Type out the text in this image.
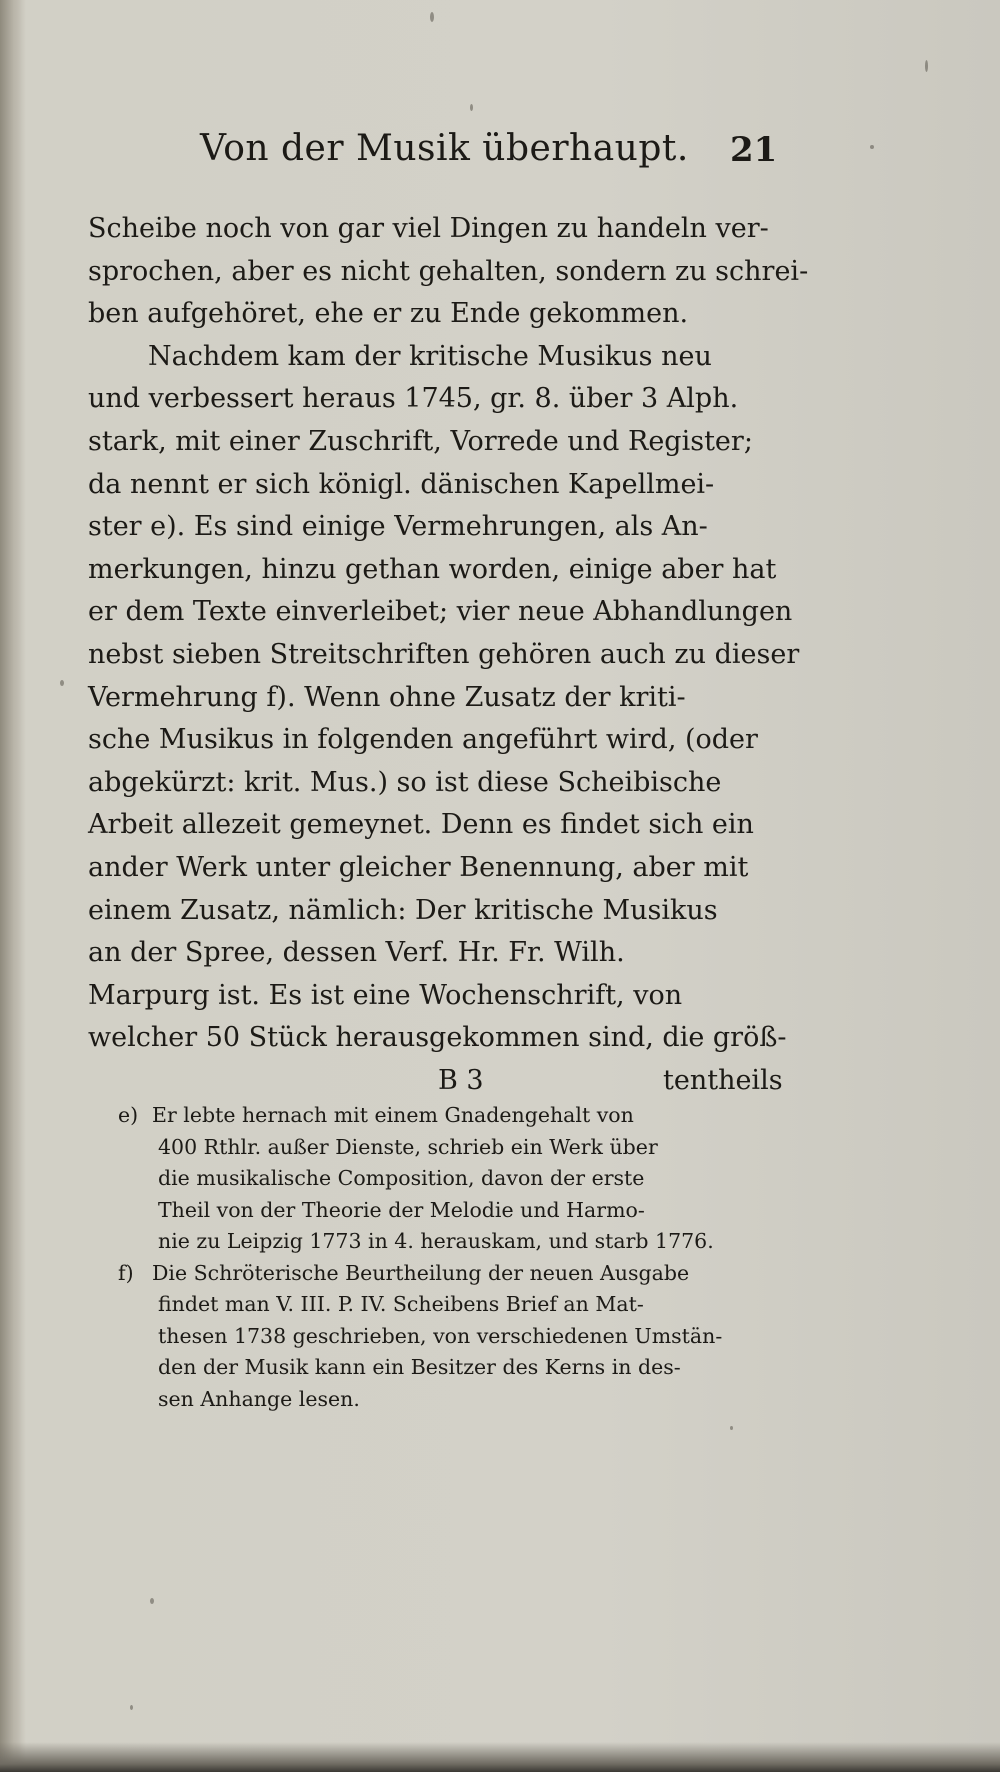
Von der Musik überhaupt. 21
Scheibe noch von gar viel Dingen zu handeln ver-
sprochen, aber es nicht gehalten, sondern zu schrei-
ben aufgehöret, ehe er zu Ende gekommen.
Nachdem kam der kritische Musikus neu
und verbessert heraus 1745, gr. 8. über 3 Alph.
stark, mit einer Zuschrift, Vorrede und Register;
da nennt er sich königl. dänischen Kapellmei-
ster e). Es sind einige Vermehrungen, als An-
merkungen, hinzu gethan worden, einige aber hat
er dem Texte einverleibet; vier neue Abhandlungen
nebst sieben Streitschriften gehören auch zu dieser
Vermehrung f). Wenn ohne Zusatz der kriti-
sche Musikus in folgenden angeführt wird, (oder
abgekürzt: krit. Mus.) so ist diese Scheibische
Arbeit allezeit gemeynet. Denn es findet sich ein
ander Werk unter gleicher Benennung, aber mit
einem Zusatz, nämlich: Der kritische Musikus
an der Spree, dessen Verf. Hr. Fr. Wilh.
Marpurg ist. Es ist eine Wochenschrift, von
welcher 50 Stück herausgekommen sind, die größ-
B 3	tentheils
e) Er lebte hernach mit einem Gnadengehalt von
400 Rthlr. außer Dienste, schrieb ein Werk über
die musikalische Composition, davon der erste
Theil von der Theorie der Melodie und Harmo-
nie zu Leipzig 1773 in 4. herauskam, und starb 1776.
f) Die Schröterische Beurtheilung der neuen Ausgabe
findet man V. III. P. IV. Scheibens Brief an Mat-
thesen 1738 geschrieben, von verschiedenen Umstän-
den der Musik kann ein Besitzer des Kerns in des-
sen Anhange lesen.
